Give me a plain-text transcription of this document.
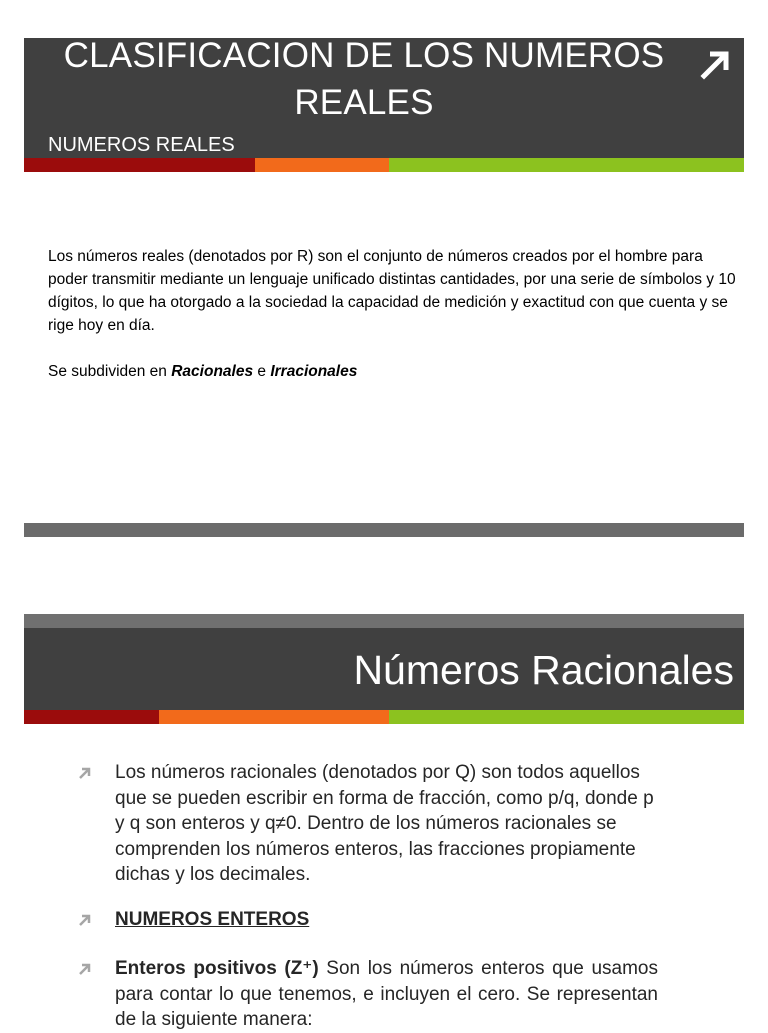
CLASIFICACION DE LOS NUMEROS
REALES
NUMEROS REALES
Los números reales (denotados por R) son el conjunto de números creados por el hombre para poder transmitir mediante un lenguaje unificado distintas cantidades, por una serie de símbolos y 10 dígitos, lo que ha otorgado a la sociedad la capacidad de medición y exactitud con que cuenta y se rige hoy en día.
Se subdividen en Racionales e Irracionales
Números Racionales
Los números racionales (denotados por Q) son todos aquellos que se pueden escribir en forma de fracción, como p/q, donde p y q son enteros y q≠0. Dentro de los números racionales se comprenden los números enteros, las fracciones propiamente dichas y los decimales.
NUMEROS ENTEROS
Enteros positivos (Z⁺) Son los números enteros que usamos para contar lo que tenemos, e incluyen el cero. Se representan de la siguiente manera:
